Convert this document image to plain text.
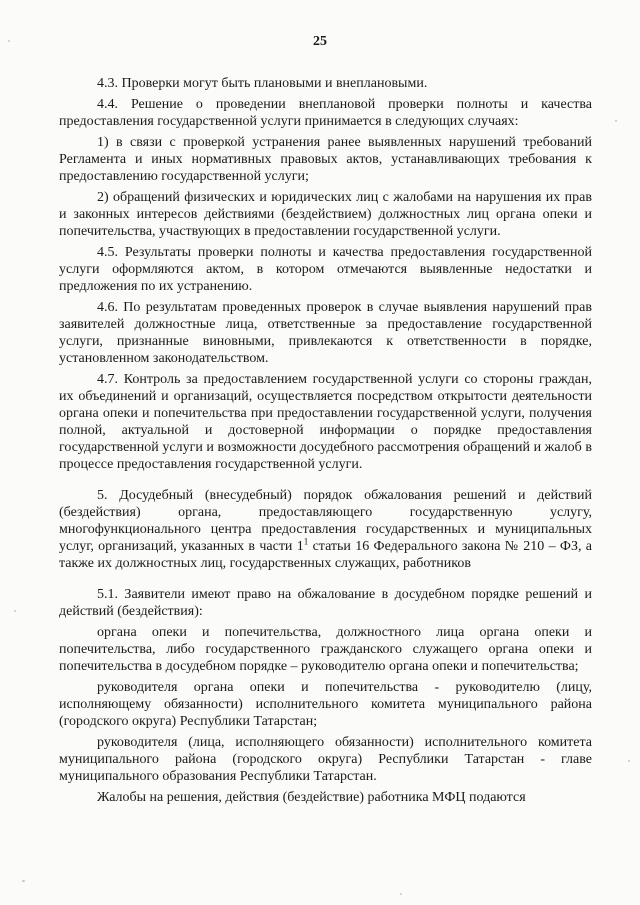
25

4.3. Проверки могут быть плановыми и внеплановыми.

4.4. Решение о проведении внеплановой проверки полноты и качества предоставления государственной услуги принимается в следующих случаях:

1) в связи с проверкой устранения ранее выявленных нарушений требований Регламента и иных нормативных правовых актов, устанавливающих требования к предоставлению государственной услуги;

2) обращений физических и юридических лиц с жалобами на нарушения их прав и законных интересов действиями (бездействием) должностных лиц органа опеки и попечительства, участвующих в предоставлении государственной услуги.

4.5. Результаты проверки полноты и качества предоставления государственной услуги оформляются актом, в котором отмечаются выявленные недостатки и предложения по их устранению.

4.6. По результатам проведенных проверок в случае выявления нарушений прав заявителей должностные лица, ответственные за предоставление государственной услуги, признанные виновными, привлекаются к ответственности в порядке, установленном законодательством.

4.7. Контроль за предоставлением государственной услуги со стороны граждан, их объединений и организаций, осуществляется посредством открытости деятельности органа опеки и попечительства при предоставлении государственной услуги, получения полной, актуальной и достоверной информации о порядке предоставления государственной услуги и возможности досудебного рассмотрения обращений и жалоб в процессе предоставления государственной услуги.

5. Досудебный (внесудебный) порядок обжалования решений и действий (бездействия) органа, предоставляющего государственную услугу, многофункционального центра предоставления государственных и муниципальных услуг, организаций, указанных в части $1^1$ статьи 16 Федерального закона № 210 – ФЗ, а также их должностных лиц, государственных служащих, работников

5.1. Заявители имеют право на обжалование в досудебном порядке решений и действий (бездействия):

органа опеки и попечительства, должностного лица органа опеки и попечительства, либо государственного гражданского служащего органа опеки и попечительства в досудебном порядке – руководителю органа опеки и попечительства;

руководителя органа опеки и попечительства - руководителю (лицу, исполняющему обязанности) исполнительного комитета муниципального района (городского округа) Республики Татарстан;

руководителя (лица, исполняющего обязанности) исполнительного комитета муниципального района (городского округа) Республики Татарстан - главе муниципального образования Республики Татарстан.

Жалобы на решения, действия (бездействие) работника МФЦ подаются
